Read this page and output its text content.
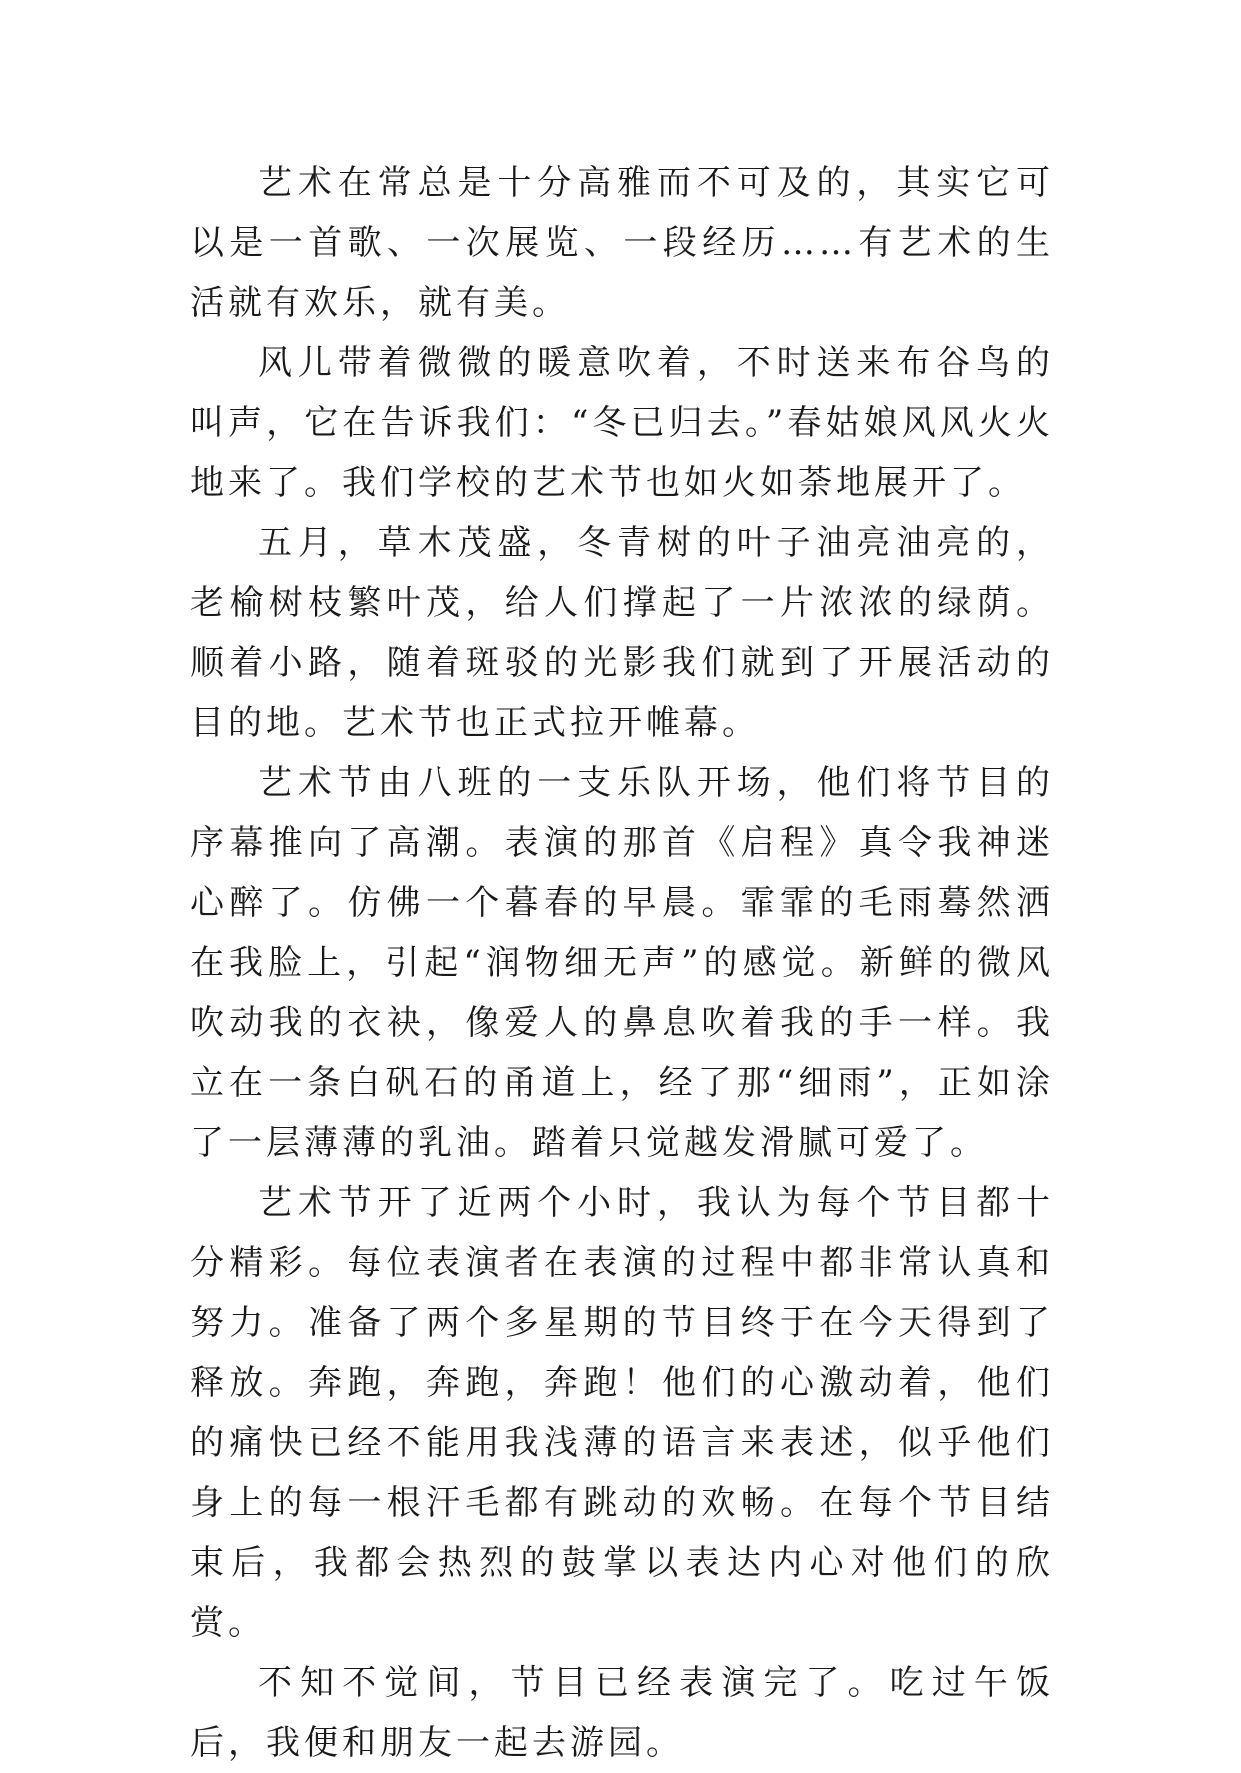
艺术在常总是十分高雅而不可及的，其实它可以是一首歌、一次展览、一段经历……有艺术的生活就有欢乐，就有美。

风儿带着微微的暖意吹着，不时送来布谷鸟的叫声，它在告诉我们：“冬已归去。”春姑娘风风火火地来了。我们学校的艺术节也如火如荼地展开了。

五月，草木茂盛，冬青树的叶子油亮油亮的，老榆树枝繁叶茂，给人们撑起了一片浓浓的绿荫。顺着小路，随着斑驳的光影我们就到了开展活动的目的地。艺术节也正式拉开帷幕。

艺术节由八班的一支乐队开场，他们将节目的序幕推向了高潮。表演的那首《启程》真令我神迷心醉了。仿佛一个暮春的早晨。霏霏的毛雨蓦然洒在我脸上，引起“润物细无声”的感觉。新鲜的微风吹动我的衣袂，像爱人的鼻息吹着我的手一样。我立在一条白矾石的甬道上，经了那“细雨”，正如涂了一层薄薄的乳油。踏着只觉越发滑腻可爱了。

艺术节开了近两个小时，我认为每个节目都十分精彩。每位表演者在表演的过程中都非常认真和努力。准备了两个多星期的节目终于在今天得到了释放。奔跑，奔跑，奔跑！他们的心激动着，他们的痛快已经不能用我浅薄的语言来表述，似乎他们身上的每一根汗毛都有跳动的欢畅。在每个节目结束后，我都会热烈的鼓掌以表达内心对他们的欣赏。

不知不觉间，节目已经表演完了。吃过午饭后，我便和朋友一起去游园。
